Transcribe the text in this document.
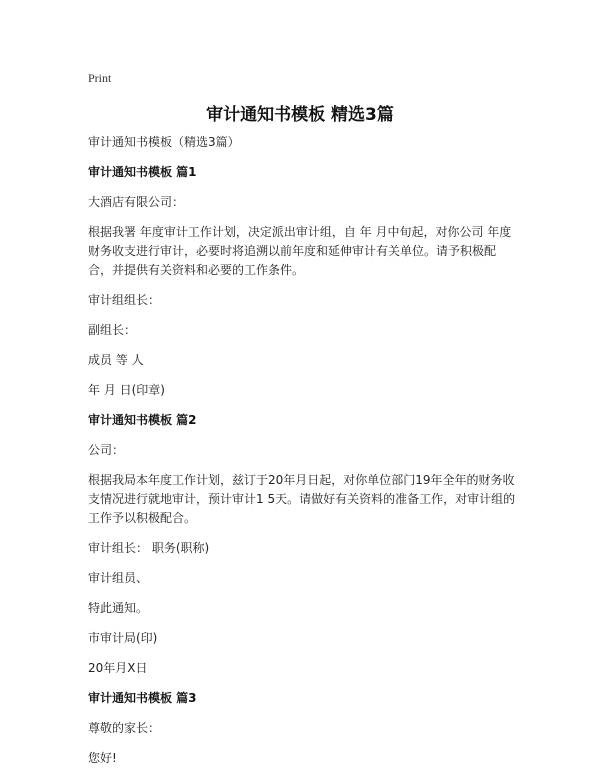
Print
审计通知书模板 精选3篇

审计通知书模板（精选3篇）

审计通知书模板 篇1

大酒店有限公司：

根据我署 年度审计工作计划，决定派出审计组，自 年 月中旬起，对你公司 年度财务收支进行审计，必要时将追溯以前年度和延伸审计有关单位。请予积极配合，并提供有关资料和必要的工作条件。

审计组组长：

副组长：

成员 等 人

年 月 日(印章)

审计通知书模板 篇2

公司：

根据我局本年度工作计划，兹订于20年月日起，对你单位部门19年全年的财务收支情况进行就地审计，预计审计1 5天。请做好有关资料的准备工作，对审计组的工作予以积极配合。

审计组长： 职务(职称)

审计组员、

特此通知。

市审计局(印)

20年月X日

审计通知书模板 篇3

尊敬的家长：

您好!
